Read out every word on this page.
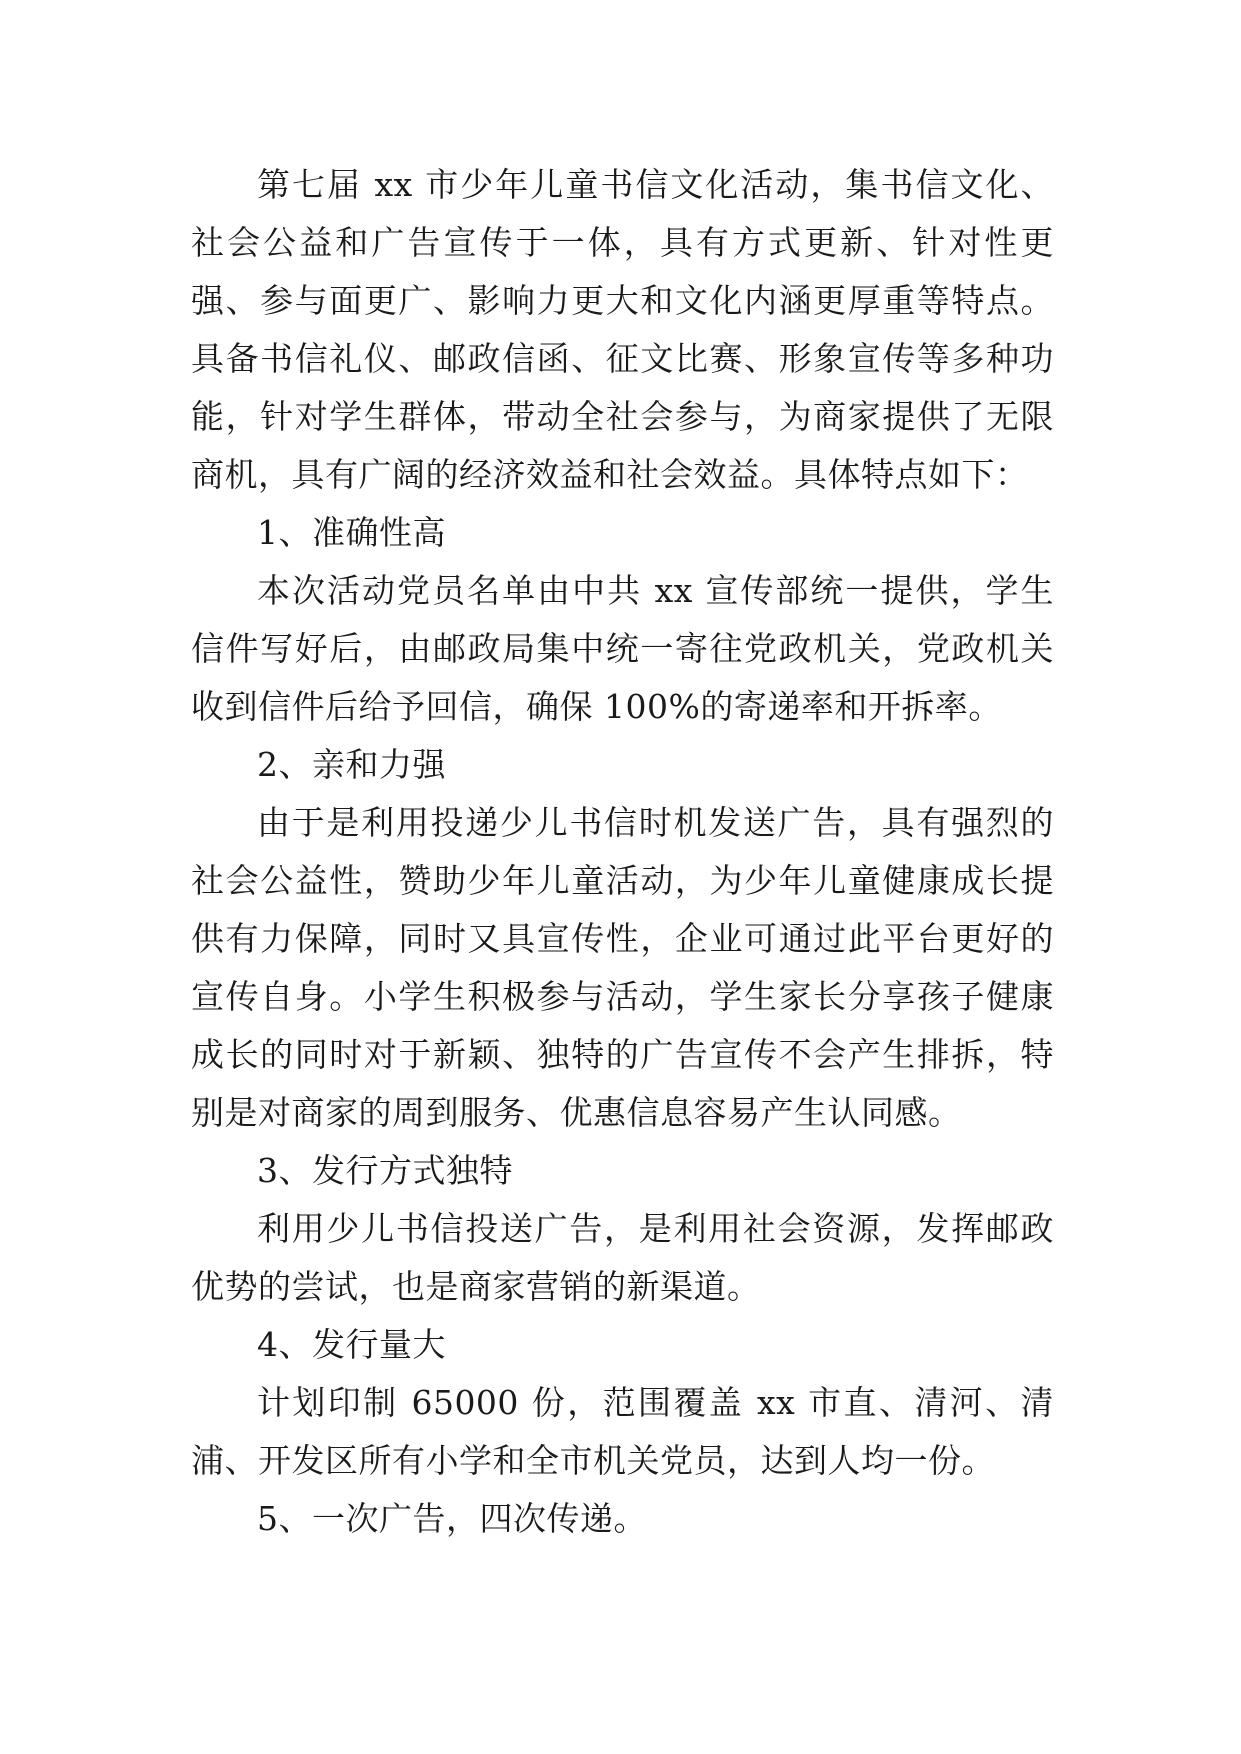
第七届 xx 市少年儿童书信文化活动，集书信文化、社会公益和广告宣传于一体，具有方式更新、针对性更强、参与面更广、影响力更大和文化内涵更厚重等特点。具备书信礼仪、邮政信函、征文比赛、形象宣传等多种功能，针对学生群体，带动全社会参与，为商家提供了无限商机，具有广阔的经济效益和社会效益。具体特点如下：

1、准确性高

本次活动党员名单由中共 xx 宣传部统一提供，学生信件写好后，由邮政局集中统一寄往党政机关，党政机关收到信件后给予回信，确保 100%的寄递率和开拆率。

2、亲和力强

由于是利用投递少儿书信时机发送广告，具有强烈的社会公益性，赞助少年儿童活动，为少年儿童健康成长提供有力保障，同时又具宣传性，企业可通过此平台更好的宣传自身。小学生积极参与活动，学生家长分享孩子健康成长的同时对于新颖、独特的广告宣传不会产生排拆，特别是对商家的周到服务、优惠信息容易产生认同感。

3、发行方式独特

利用少儿书信投送广告，是利用社会资源，发挥邮政优势的尝试，也是商家营销的新渠道。

4、发行量大

计划印制 65000 份，范围覆盖 xx 市直、清河、清浦、开发区所有小学和全市机关党员，达到人均一份。

5、一次广告，四次传递。
